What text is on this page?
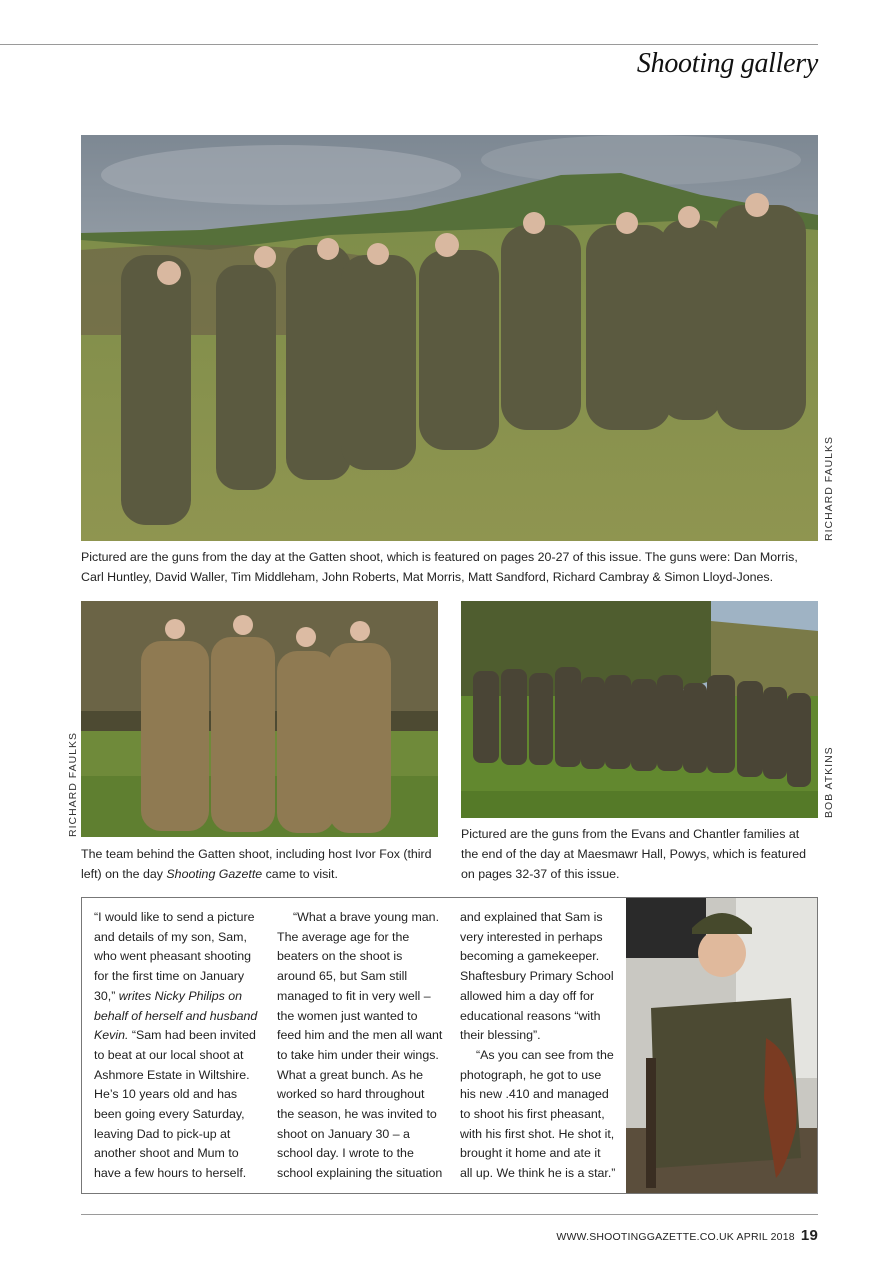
Shooting gallery
RICHARD FAULKS
Pictured are the guns from the day at the Gatten shoot, which is featured on pages 20-27 of this issue. The guns were: Dan Morris, Carl Huntley, David Waller, Tim Middleham, John Roberts, Mat Morris, Matt Sandford, Richard Cambray & Simon Lloyd-Jones.
RICHARD FAULKS
The team behind the Gatten shoot, including host Ivor Fox (third left) on the day Shooting Gazette came to visit.
BOB ATKINS
Pictured are the guns from the Evans and Chantler families at the end of the day at Maesmawr Hall, Powys, which is featured on pages 32-37 of this issue.

“I would like to send a picture and details of my son, Sam, who went pheasant shooting for the first time on January 30,” writes Nicky Philips on behalf of herself and husband Kevin. “Sam had been invited to beat at our local shoot at Ashmore Estate in Wiltshire. He’s 10 years old and has been going every Saturday, leaving Dad to pick-up at another shoot and Mum to have a few hours to herself.

“What a brave young man. The average age for the beaters on the shoot is around 65, but Sam still managed to fit in very well – the women just wanted to feed him and the men all want to take him under their wings. What a great bunch. As he worked so hard throughout the season, he was invited to shoot on January 30 – a school day. I wrote to the school explaining the situation

and explained that Sam is very interested in perhaps becoming a gamekeeper. Shaftesbury Primary School allowed him a day off for educational reasons “with their blessing”.

“As you can see from the photograph, he got to use his new .410 and managed to shoot his first pheasant, with his first shot. He shot it, brought it home and ate it all up. We think he is a star.”

WWW.SHOOTINGGAZETTE.CO.UK APRIL 2018 19
